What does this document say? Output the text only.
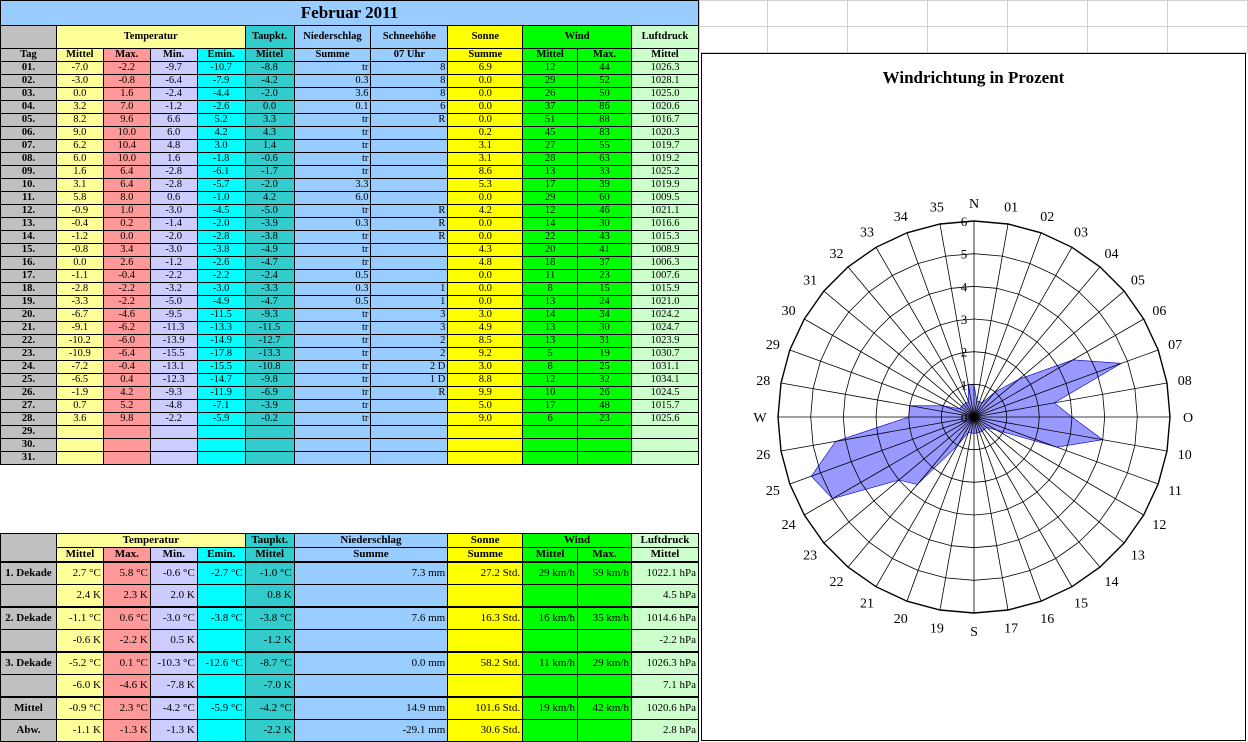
Februar 2011											
	Temperatur				Taupkt.	Niederschlag	Schneehöhe	Sonne	Wind		Luftdruck
Tag	Mittel	Max.	Min.	Emin.	Mittel	Summe	07 Uhr	Summe	Mittel	Max.	Mittel
01.	-7.0	-2.2	-9.7	-10.7	-8.8	tr	8	6.9	12	44	1026.3
02.	-3.0	-0.8	-6.4	-7.9	-4.2	0.3	8	0.0	29	52	1028.1
03.	0.0	1.6	-2.4	-4.4	-2.0	3.6	8	0.0	26	50	1025.0
04.	3.2	7.0	-1.2	-2.6	0.0	0.1	6	0.0	37	86	1020.6
05.	8.2	9.6	6.6	5.2	3.3	tr	R	0.0	51	88	1016.7
06.	9.0	10.0	6.0	4.2	4.3	tr		0.2	45	83	1020.3
07.	6.2	10.4	4.8	3.0	1.4	tr		3.1	27	55	1019.7
08.	6.0	10.0	1.6	-1.8	-0.6	tr		3.1	28	63	1019.2
09.	1.6	6.4	-2.8	-6.1	-1.7	tr		8.6	13	33	1025.2
10.	3.1	6.4	-2.8	-5.7	-2.0	3.3		5.3	17	39	1019.9
11.	5.8	8.0	0.6	-1.0	4.2	6.0		0.0	29	60	1009.5
12.	-0.9	1.0	-3.0	-4.5	-5.0	tr	R	4.2	12	46	1021.1
13.	-0.4	0.2	-1.4	-2.0	-3.9	0.3	R	0.0	14	30	1016.6
14.	-1.2	0.0	-2.0	-2.8	-3.8	tr	R	0.0	22	43	1015.3
15.	-0.8	3.4	-3.0	-3.8	-4.9	tr		4.3	20	41	1008.9
16.	0.0	2.6	-1.2	-2.6	-4.7	tr		4.8	18	37	1006.3
17.	-1.1	-0.4	-2.2	-2.2	-2.4	0.5		0.0	11	23	1007.6
18.	-2.8	-2.2	-3.2	-3.0	-3.3	0.3	1	0.0	8	15	1015.9
19.	-3.3	-2.2	-5.0	-4.9	-4.7	0.5	1	0.0	13	24	1021.0
20.	-6.7	-4.6	-9.5	-11.5	-9.3	tr	3	3.0	14	34	1024.2
21.	-9.1	-6.2	-11.3	-13.3	-11.5	tr	3	4.9	13	30	1024.7
22.	-10.2	-6.0	-13.9	-14.9	-12.7	tr	2	8.5	13	31	1023.9
23.	-10.9	-6.4	-15.5	-17.8	-13.3	tr	2	9.2	5	19	1030.7
24.	-7.2	-0.4	-13.1	-15.5	-10.8	tr	2 D	3.0	8	25	1031.1
25.	-6.5	0.4	-12.3	-14.7	-9.8	tr	1 D	8.8	12	32	1034.1
26.	-1.9	4.2	-9.3	-11.9	-6.9	tr	R	9.9	10	26	1024.5
27.	0.7	5.2	-4.8	-7.1	-3.9	tr		5.0	17	48	1015.7
28.	3.6	9.8	-2.2	-5.9	-0.2	tr		9.0	6	23	1025.6
29.											
30.											
31.											
	Temperatur				Taupkt.	Niederschlag	Sonne	Wind		Luftdruck
	Mittel	Max.	Min.	Emin.	Mittel	Summe	Summe	Mittel	Max.	Mittel
1. Dekade	2.7 °C	5.8 °C	-0.6 °C	-2.7 °C	-1.0 °C	7.3 mm	27.2 Std.	29 km/h	59 km/h	1022.1 hPa
	2.4 K	2.3 K	2.0 K		0.8 K					4.5 hPa
2. Dekade	-1.1 °C	0.6 °C	-3.0 °C	-3.8 °C	-3.8 °C	7.6 mm	16.3 Std.	16 km/h	35 km/h	1014.6 hPa
	-0.6 K	-2.2 K	0.5 K		-1.2 K					-2.2 hPa
3. Dekade	-5.2 °C	0.1 °C	-10.3 °C	-12.6 °C	-8.7 °C	0.0 mm	58.2 Std.	11 km/h	29 km/h	1026.3 hPa
	-6.0 K	-4.6 K	-7.8 K		-7.0 K					7.1 hPa
Mittel	-0.9 °C	2.3 °C	-4.2 °C	-5.9 °C	-4.2 °C	14.9 mm	101.6 Std.	19 km/h	42 km/h	1020.6 hPa
Abw.	-1.1 K	-1.3 K	-1.3 K		-2.2 K	-29.1 mm	30.6 Std.			2.8 hPa
Windrichtung in Prozent
N 01
02
03
04
05
06
07
08
O
10
11
12
13
14
15
16
17
S
19
20
21
22
23
24
25
26
W
28
29
30
31
32
33
34
35
0
1
2
3
4
5
6
